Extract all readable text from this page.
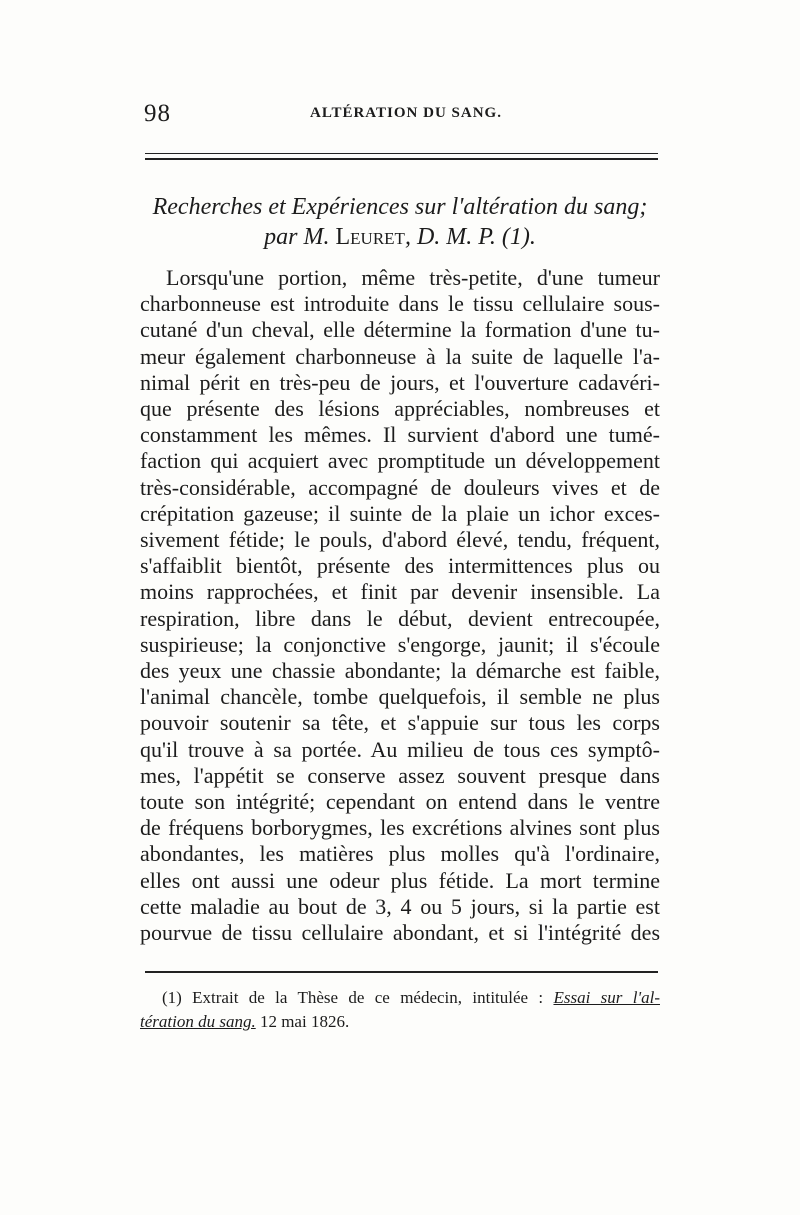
98	ALTÉRATION DU SANG.
Recherches et Expériences sur l'altération du sang;
par M. Leuret, D. M. P. (1).
Lorsqu'une portion, même très-petite, d'une tumeur
charbonneuse est introduite dans le tissu cellulaire sous-
cutané d'un cheval, elle détermine la formation d'une tu-
meur également charbonneuse à la suite de laquelle l'a-
nimal périt en très-peu de jours, et l'ouverture cadavéri-
que présente des lésions appréciables, nombreuses et
constamment les mêmes. Il survient d'abord une tumé-
faction qui acquiert avec promptitude un développement
très-considérable, accompagné de douleurs vives et de
crépitation gazeuse; il suinte de la plaie un ichor exces-
sivement fétide; le pouls, d'abord élevé, tendu, fréquent,
s'affaiblit bientôt, présente des intermittences plus ou
moins rapprochées, et finit par devenir insensible. La
respiration, libre dans le début, devient entrecoupée,
suspirieuse; la conjonctive s'engorge, jaunit; il s'écoule
des yeux une chassie abondante; la démarche est faible,
l'animal chancèle, tombe quelquefois, il semble ne plus
pouvoir soutenir sa tête, et s'appuie sur tous les corps
qu'il trouve à sa portée. Au milieu de tous ces symptô-
mes, l'appétit se conserve assez souvent presque dans
toute son intégrité; cependant on entend dans le ventre
de fréquens borborygmes, les excrétions alvines sont plus
abondantes, les matières plus molles qu'à l'ordinaire,
elles ont aussi une odeur plus fétide. La mort termine
cette maladie au bout de 3, 4 ou 5 jours, si la partie est
pourvue de tissu cellulaire abondant, et si l'intégrité des
(1) Extrait de la Thèse de ce médecin, intitulée : Essai sur l'al-
tération du sang. 12 mai 1826.
